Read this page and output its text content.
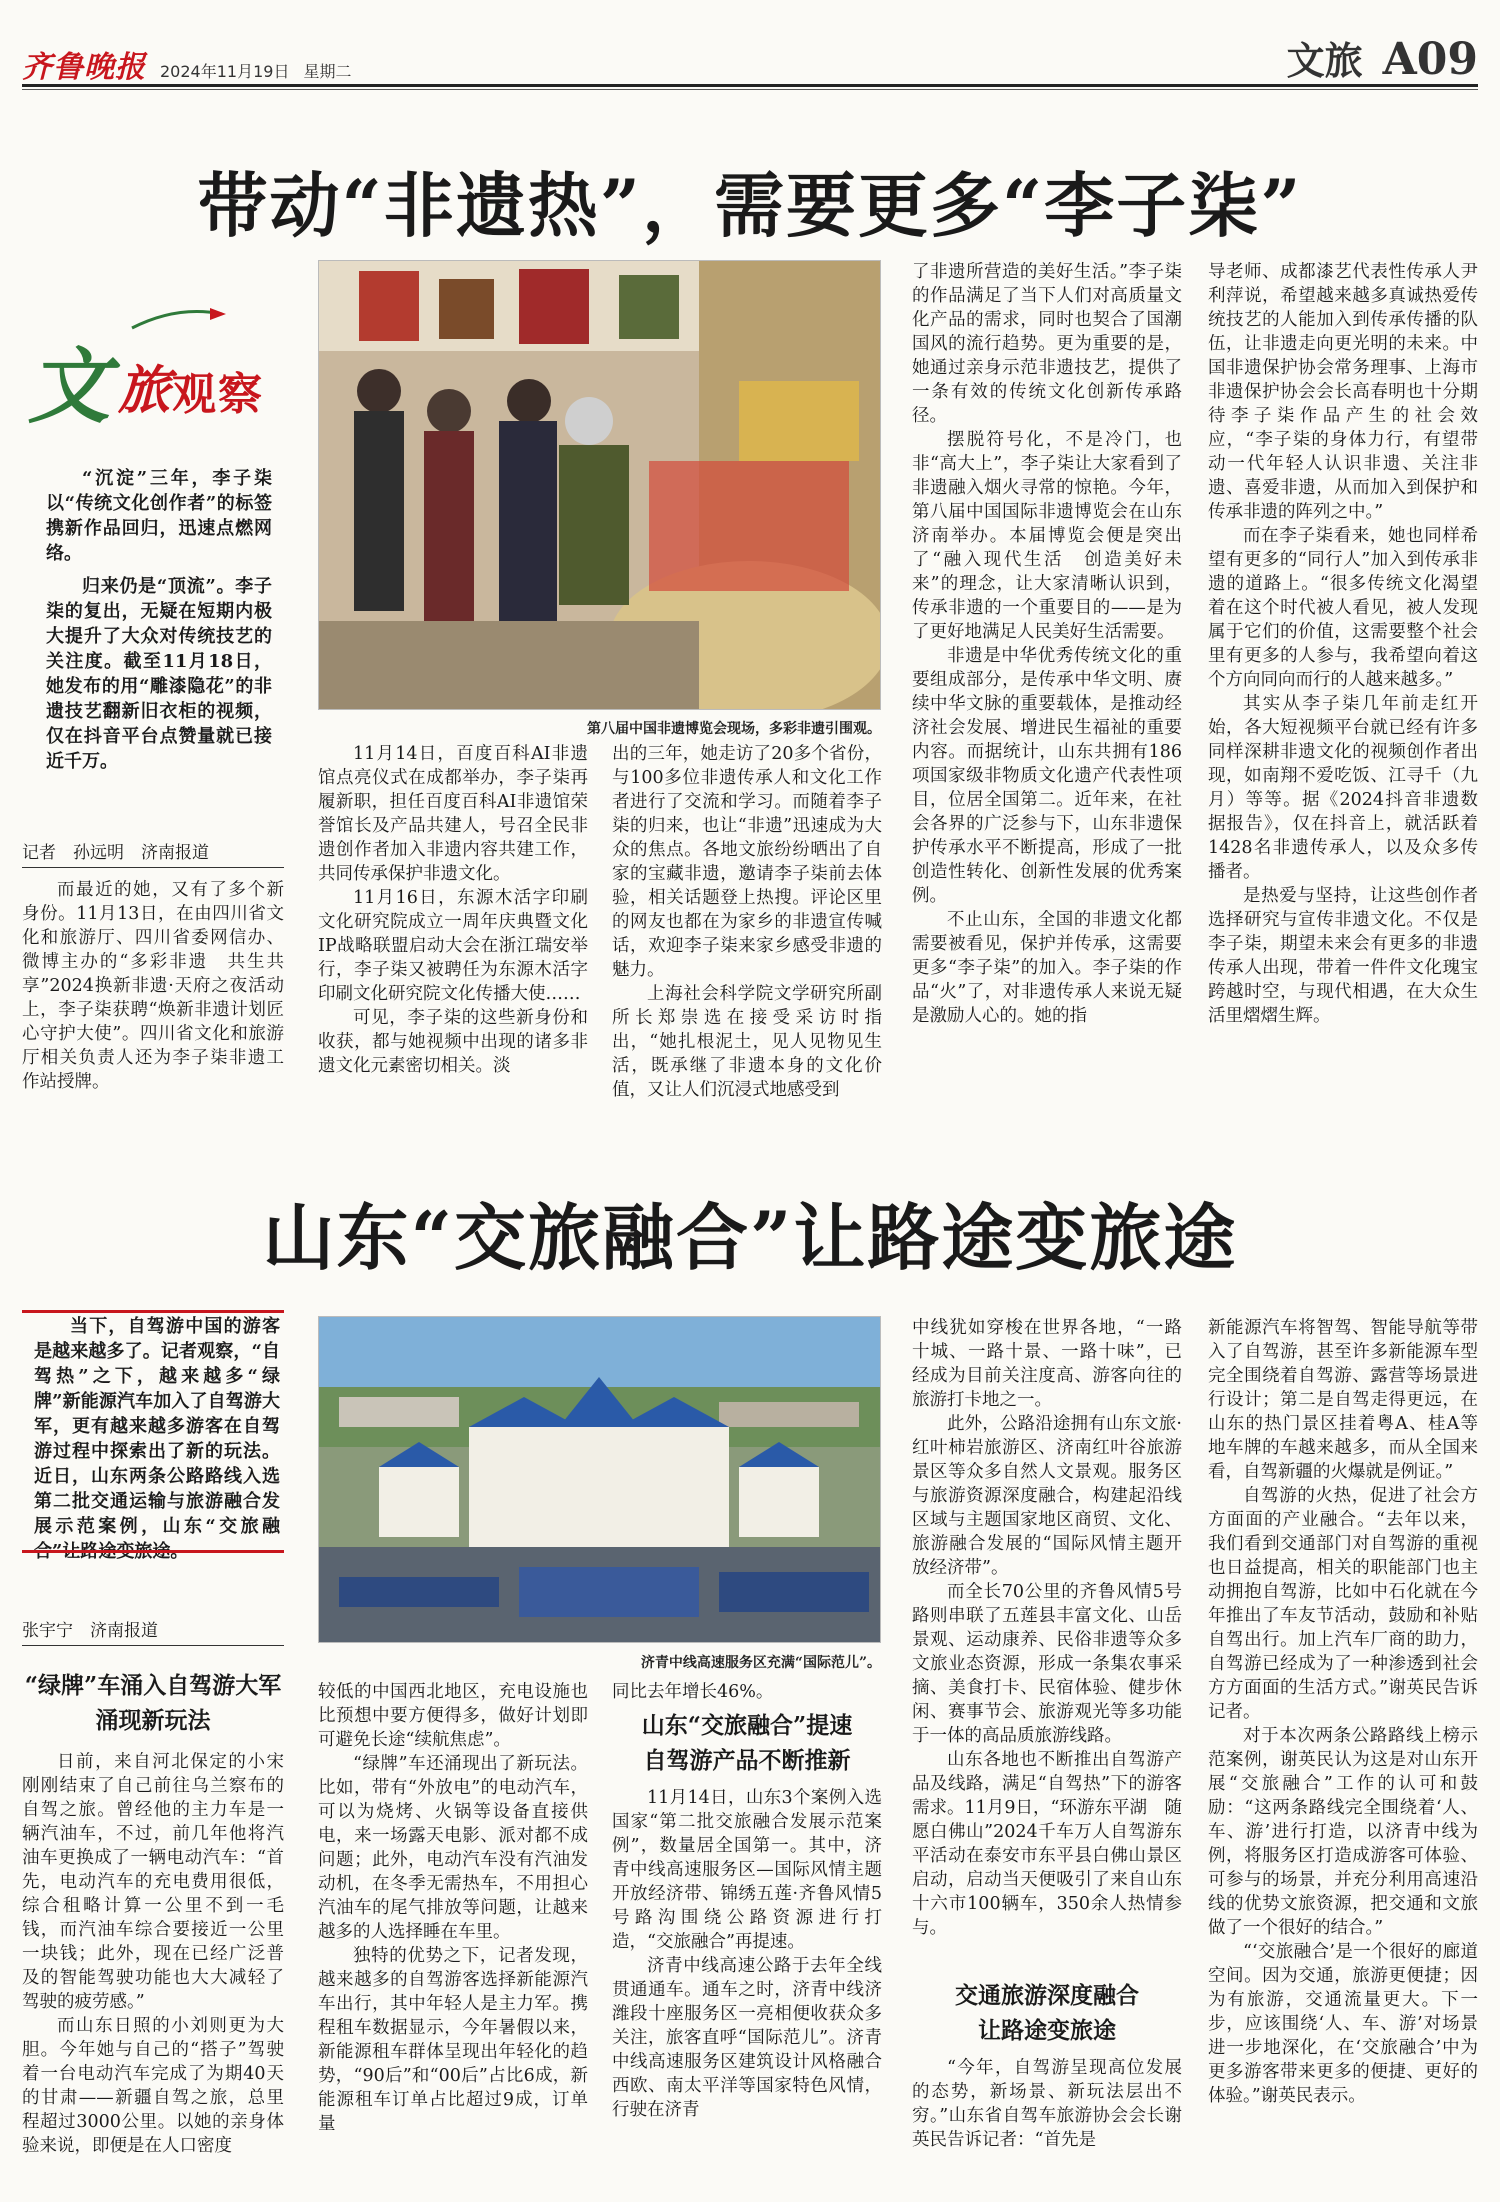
齐鲁晚报 2024年11月19日 星期二	文旅 A09
带动“非遗热”，需要更多“李子柒”
文 旅 观察

“沉淀”三年，李子柒以“传统文化创作者”的标签携新作品回归，迅速点燃网络。

归来仍是“顶流”。李子柒的复出，无疑在短期内极大提升了大众对传统技艺的关注度。截至11月18日，她发布的用“雕漆隐花”的非遗技艺翻新旧衣柜的视频，仅在抖音平台点赞量就已接近千万。

记者　孙远明　济南报道

而最近的她，又有了多个新身份。11月13日，在由四川省文化和旅游厅、四川省委网信办、微博主办的“多彩非遗　共生共享”2024换新非遗·天府之夜活动上，李子柒获聘“焕新非遗计划匠心守护大使”。四川省文化和旅游厅相关负责人还为李子柒非遗工作站授牌。

第八届中国非遗博览会现场，多彩非遗引围观。

11月14日，百度百科AI非遗馆点亮仪式在成都举办，李子柒再履新职，担任百度百科AI非遗馆荣誉馆长及产品共建人，号召全民非遗创作者加入非遗内容共建工作，共同传承保护非遗文化。

11月16日，东源木活字印刷文化研究院成立一周年庆典暨文化IP战略联盟启动大会在浙江瑞安举行，李子柒又被聘任为东源木活字印刷文化研究院文化传播大使……

可见，李子柒的这些新身份和收获，都与她视频中出现的诸多非遗文化元素密切相关。淡

出的三年，她走访了20多个省份，与100多位非遗传承人和文化工作者进行了交流和学习。而随着李子柒的归来，也让“非遗”迅速成为大众的焦点。各地文旅纷纷晒出了自家的宝藏非遗，邀请李子柒前去体验，相关话题登上热搜。评论区里的网友也都在为家乡的非遗宣传喊话，欢迎李子柒来家乡感受非遗的魅力。

上海社会科学院文学研究所副所长郑崇选在接受采访时指出，“她扎根泥土，见人见物见生活，既承继了非遗本身的文化价值，又让人们沉浸式地感受到

了非遗所营造的美好生活。”李子柒的作品满足了当下人们对高质量文化产品的需求，同时也契合了国潮国风的流行趋势。更为重要的是，她通过亲身示范非遗技艺，提供了一条有效的传统文化创新传承路径。

摆脱符号化，不是冷门，也非“高大上”，李子柒让大家看到了非遗融入烟火寻常的惊艳。今年，第八届中国国际非遗博览会在山东济南举办。本届博览会便是突出了“融入现代生活　创造美好未来”的理念，让大家清晰认识到，传承非遗的一个重要目的——是为了更好地满足人民美好生活需要。

非遗是中华优秀传统文化的重要组成部分，是传承中华文明、赓续中华文脉的重要载体，是推动经济社会发展、增进民生福祉的重要内容。而据统计，山东共拥有186项国家级非物质文化遗产代表性项目，位居全国第二。近年来，在社会各界的广泛参与下，山东非遗保护传承水平不断提高，形成了一批创造性转化、创新性发展的优秀案例。

不止山东，全国的非遗文化都需要被看见，保护并传承，这需要更多“李子柒”的加入。李子柒的作品“火”了，对非遗传承人来说无疑是激励人心的。她的指

导老师、成都漆艺代表性传承人尹利萍说，希望越来越多真诚热爱传统技艺的人能加入到传承传播的队伍，让非遗走向更光明的未来。中国非遗保护协会常务理事、上海市非遗保护协会会长高春明也十分期待李子柒作品产生的社会效应，“李子柒的身体力行，有望带动一代年轻人认识非遗、关注非遗、喜爱非遗，从而加入到保护和传承非遗的阵列之中。”

而在李子柒看来，她也同样希望有更多的“同行人”加入到传承非遗的道路上。“很多传统文化渴望着在这个时代被人看见，被人发现属于它们的价值，这需要整个社会里有更多的人参与，我希望向着这个方向同向而行的人越来越多。”

其实从李子柒几年前走红开始，各大短视频平台就已经有许多同样深耕非遗文化的视频创作者出现，如南翔不爱吃饭、江寻千（九月）等等。据《2024抖音非遗数据报告》，仅在抖音上，就活跃着1428名非遗传承人，以及众多传播者。

是热爱与坚持，让这些创作者选择研究与宣传非遗文化。不仅是李子柒，期望未来会有更多的非遗传承人出现，带着一件件文化瑰宝跨越时空，与现代相遇，在大众生活里熠熠生辉。

山东“交旅融合”让路途变旅途

当下，自驾游中国的游客是越来越多了。记者观察，“自驾热”之下，越来越多“绿牌”新能源汽车加入了自驾游大军，更有越来越多游客在自驾游过程中探索出了新的玩法。近日，山东两条公路路线入选第二批交通运输与旅游融合发展示范案例，山东“交旅融合”让路途变旅途。

张宇宁　济南报道
“绿牌”车涌入自驾游大军
涌现新玩法

日前，来自河北保定的小宋刚刚结束了自己前往乌兰察布的自驾之旅。曾经他的主力车是一辆汽油车，不过，前几年他将汽油车更换成了一辆电动汽车：“首先，电动汽车的充电费用很低，综合租略计算一公里不到一毛钱，而汽油车综合要接近一公里一块钱；此外，现在已经广泛普及的智能驾驶功能也大大减轻了驾驶的疲劳感。”

而山东日照的小刘则更为大胆。今年她与自己的“搭子”驾驶着一台电动汽车完成了为期40天的甘肃——新疆自驾之旅，总里程超过3000公里。以她的亲身体验来说，即便是在人口密度

济青中线高速服务区充满“国际范儿”。

较低的中国西北地区，充电设施也比预想中要方便得多，做好计划即可避免长途“续航焦虑”。

“绿牌”车还涌现出了新玩法。比如，带有“外放电”的电动汽车，可以为烧烤、火锅等设备直接供电，来一场露天电影、派对都不成问题；此外，电动汽车没有汽油发动机，在冬季无需热车，不用担心汽油车的尾气排放等问题，让越来越多的人选择睡在车里。

独特的优势之下，记者发现，越来越多的自驾游客选择新能源汽车出行，其中年轻人是主力军。携程租车数据显示，今年暑假以来，新能源租车群体呈现出年轻化的趋势，“90后”和“00后”占比6成，新能源租车订单占比超过9成，订单量

同比去年增长46%。

山东“交旅融合”提速
自驾游产品不断推新

11月14日，山东3个案例入选国家“第二批交旅融合发展示范案例”，数量居全国第一。其中，济青中线高速服务区—国际风情主题开放经济带、锦绣五莲·齐鲁风情5号路沟围绕公路资源进行打造，“交旅融合”再提速。

济青中线高速公路于去年全线贯通通车。通车之时，济青中线济潍段十座服务区一亮相便收获众多关注，旅客直呼“国际范儿”。济青中线高速服务区建筑设计风格融合西欧、南太平洋等国家特色风情，行驶在济青

中线犹如穿梭在世界各地，“一路十城、一路十景、一路十味”，已经成为目前关注度高、游客向往的旅游打卡地之一。

此外，公路沿途拥有山东文旅·红叶柿岩旅游区、济南红叶谷旅游景区等众多自然人文景观。服务区与旅游资源深度融合，构建起沿线区域与主题国家地区商贸、文化、旅游融合发展的“国际风情主题开放经济带”。

而全长70公里的齐鲁风情5号路则串联了五莲县丰富文化、山岳景观、运动康养、民俗非遗等众多文旅业态资源，形成一条集农事采摘、美食打卡、民宿体验、健步休闲、赛事节会、旅游观光等多功能于一体的高品质旅游线路。

山东各地也不断推出自驾游产品及线路，满足“自驾热”下的游客需求。11月9日，“环游东平湖　随愿白佛山”2024千车万人自驾游东平活动在泰安市东平县白佛山景区启动，启动当天便吸引了来自山东十六市100辆车，350余人热情参与。

交通旅游深度融合
让路途变旅途

“今年，自驾游呈现高位发展的态势，新场景、新玩法层出不穷。”山东省自驾车旅游协会会长谢英民告诉记者：“首先是

新能源汽车将智驾、智能导航等带入了自驾游，甚至许多新能源车型完全围绕着自驾游、露营等场景进行设计；第二是自驾走得更远，在山东的热门景区挂着粤A、桂A等地车牌的车越来越多，而从全国来看，自驾新疆的火爆就是例证。”

自驾游的火热，促进了社会方方面面的产业融合。“去年以来，我们看到交通部门对自驾游的重视也日益提高，相关的职能部门也主动拥抱自驾游，比如中石化就在今年推出了车友节活动，鼓励和补贴自驾出行。加上汽车厂商的助力，自驾游已经成为了一种渗透到社会方方面面的生活方式。”谢英民告诉记者。

对于本次两条公路路线上榜示范案例，谢英民认为这是对山东开展“交旅融合”工作的认可和鼓励：“这两条路线完全围绕着‘人、车、游’进行打造，以济青中线为例，将服务区打造成游客可体验、可参与的场景，并充分利用高速沿线的优势文旅资源，把交通和文旅做了一个很好的结合。”

“‘交旅融合’是一个很好的廊道空间。因为交通，旅游更便捷；因为有旅游，交通流量更大。下一步，应该围绕‘人、车、游’对场景进一步地深化，在‘交旅融合’中为更多游客带来更多的便捷、更好的体验。”谢英民表示。
